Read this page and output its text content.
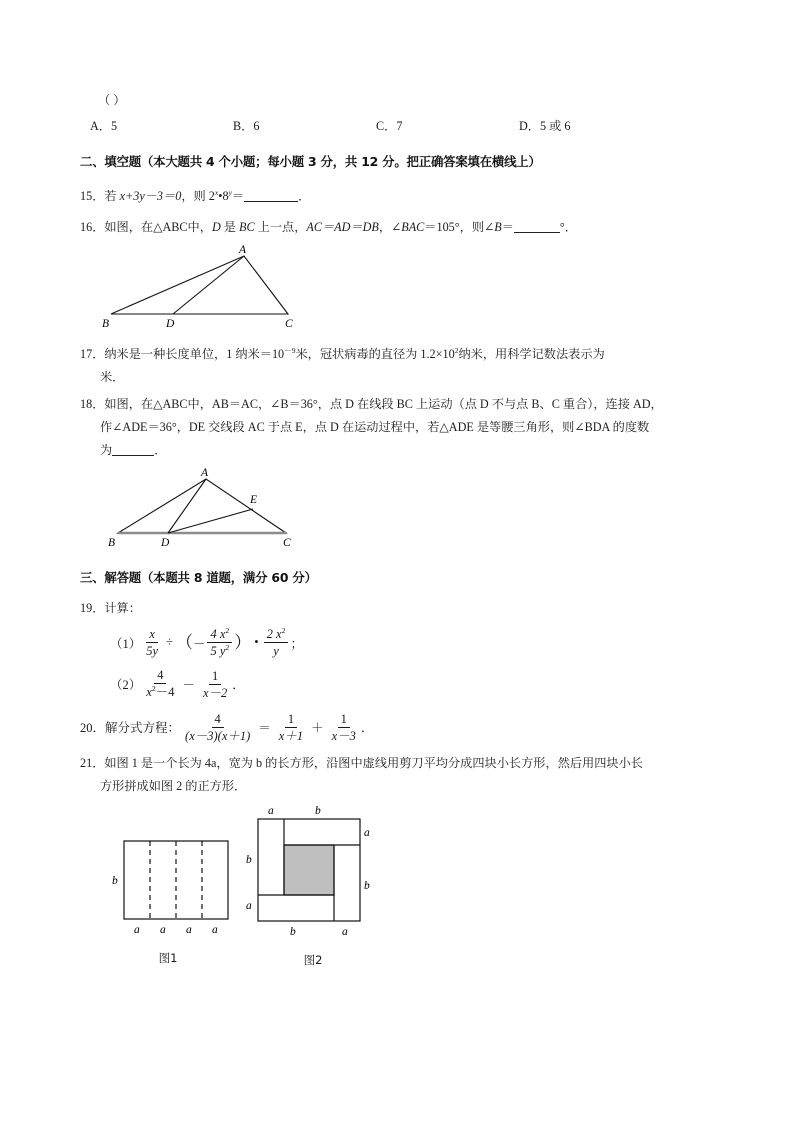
（ ）
A．5	B．6	C．7	D．5 或 6
二、填空题（本大题共 4 个小题；每小题 3 分，共 12 分。把正确答案填在横线上）
15．若 x+3y－3＝0，则 $2^x•8^y=$	．
16．如图，在△ABC中，D 是 BC 上一点，AC＝AD＝DB，∠BAC＝105°，则∠B＝	°．
A
B	D	C
17．纳米是一种长度单位，1 纳米$=10^{-9}$米，冠状病毒的直径为 $1.2\times 10^2$纳米，用科学记数法表示为
米．
18．如图，在△ABC中，AB＝AC，∠B＝36°，点 D 在线段 BC 上运动（点 D 不与点 B、C 重合），连接 AD，
作∠ADE＝36°，DE 交线段 AC 于点 E，点 D 在运动过程中，若△ADE 是等腰三角形，则∠BDA 的度数
为	．
A
B	D	C
E
三、解答题（本题共 8 道题，满分 60 分）
19．计算：
$(1) \frac{x}{5y}$ ÷ （ － $\frac{4 x^2}{5 y^2}$ ） • $\frac{2 x^2}{y}$ ；
$(2) \frac{4}{x^2-4} - \frac{1}{x-2}$ ．
20． 解分式方程： $\frac{4}{(x-3)(x+1)} = \frac{1}{x+1} + \frac{1}{x-3}$ ．
21．如图 1 是一个长为 4a，宽为 b 的长方形，沿图中虚线用剪刀平均分成四块小长方形，然后用四块小长
方形拼成如图 2 的正方形．
b
a a a a
图1
a	b
a
b
b
a
b	a
图2
